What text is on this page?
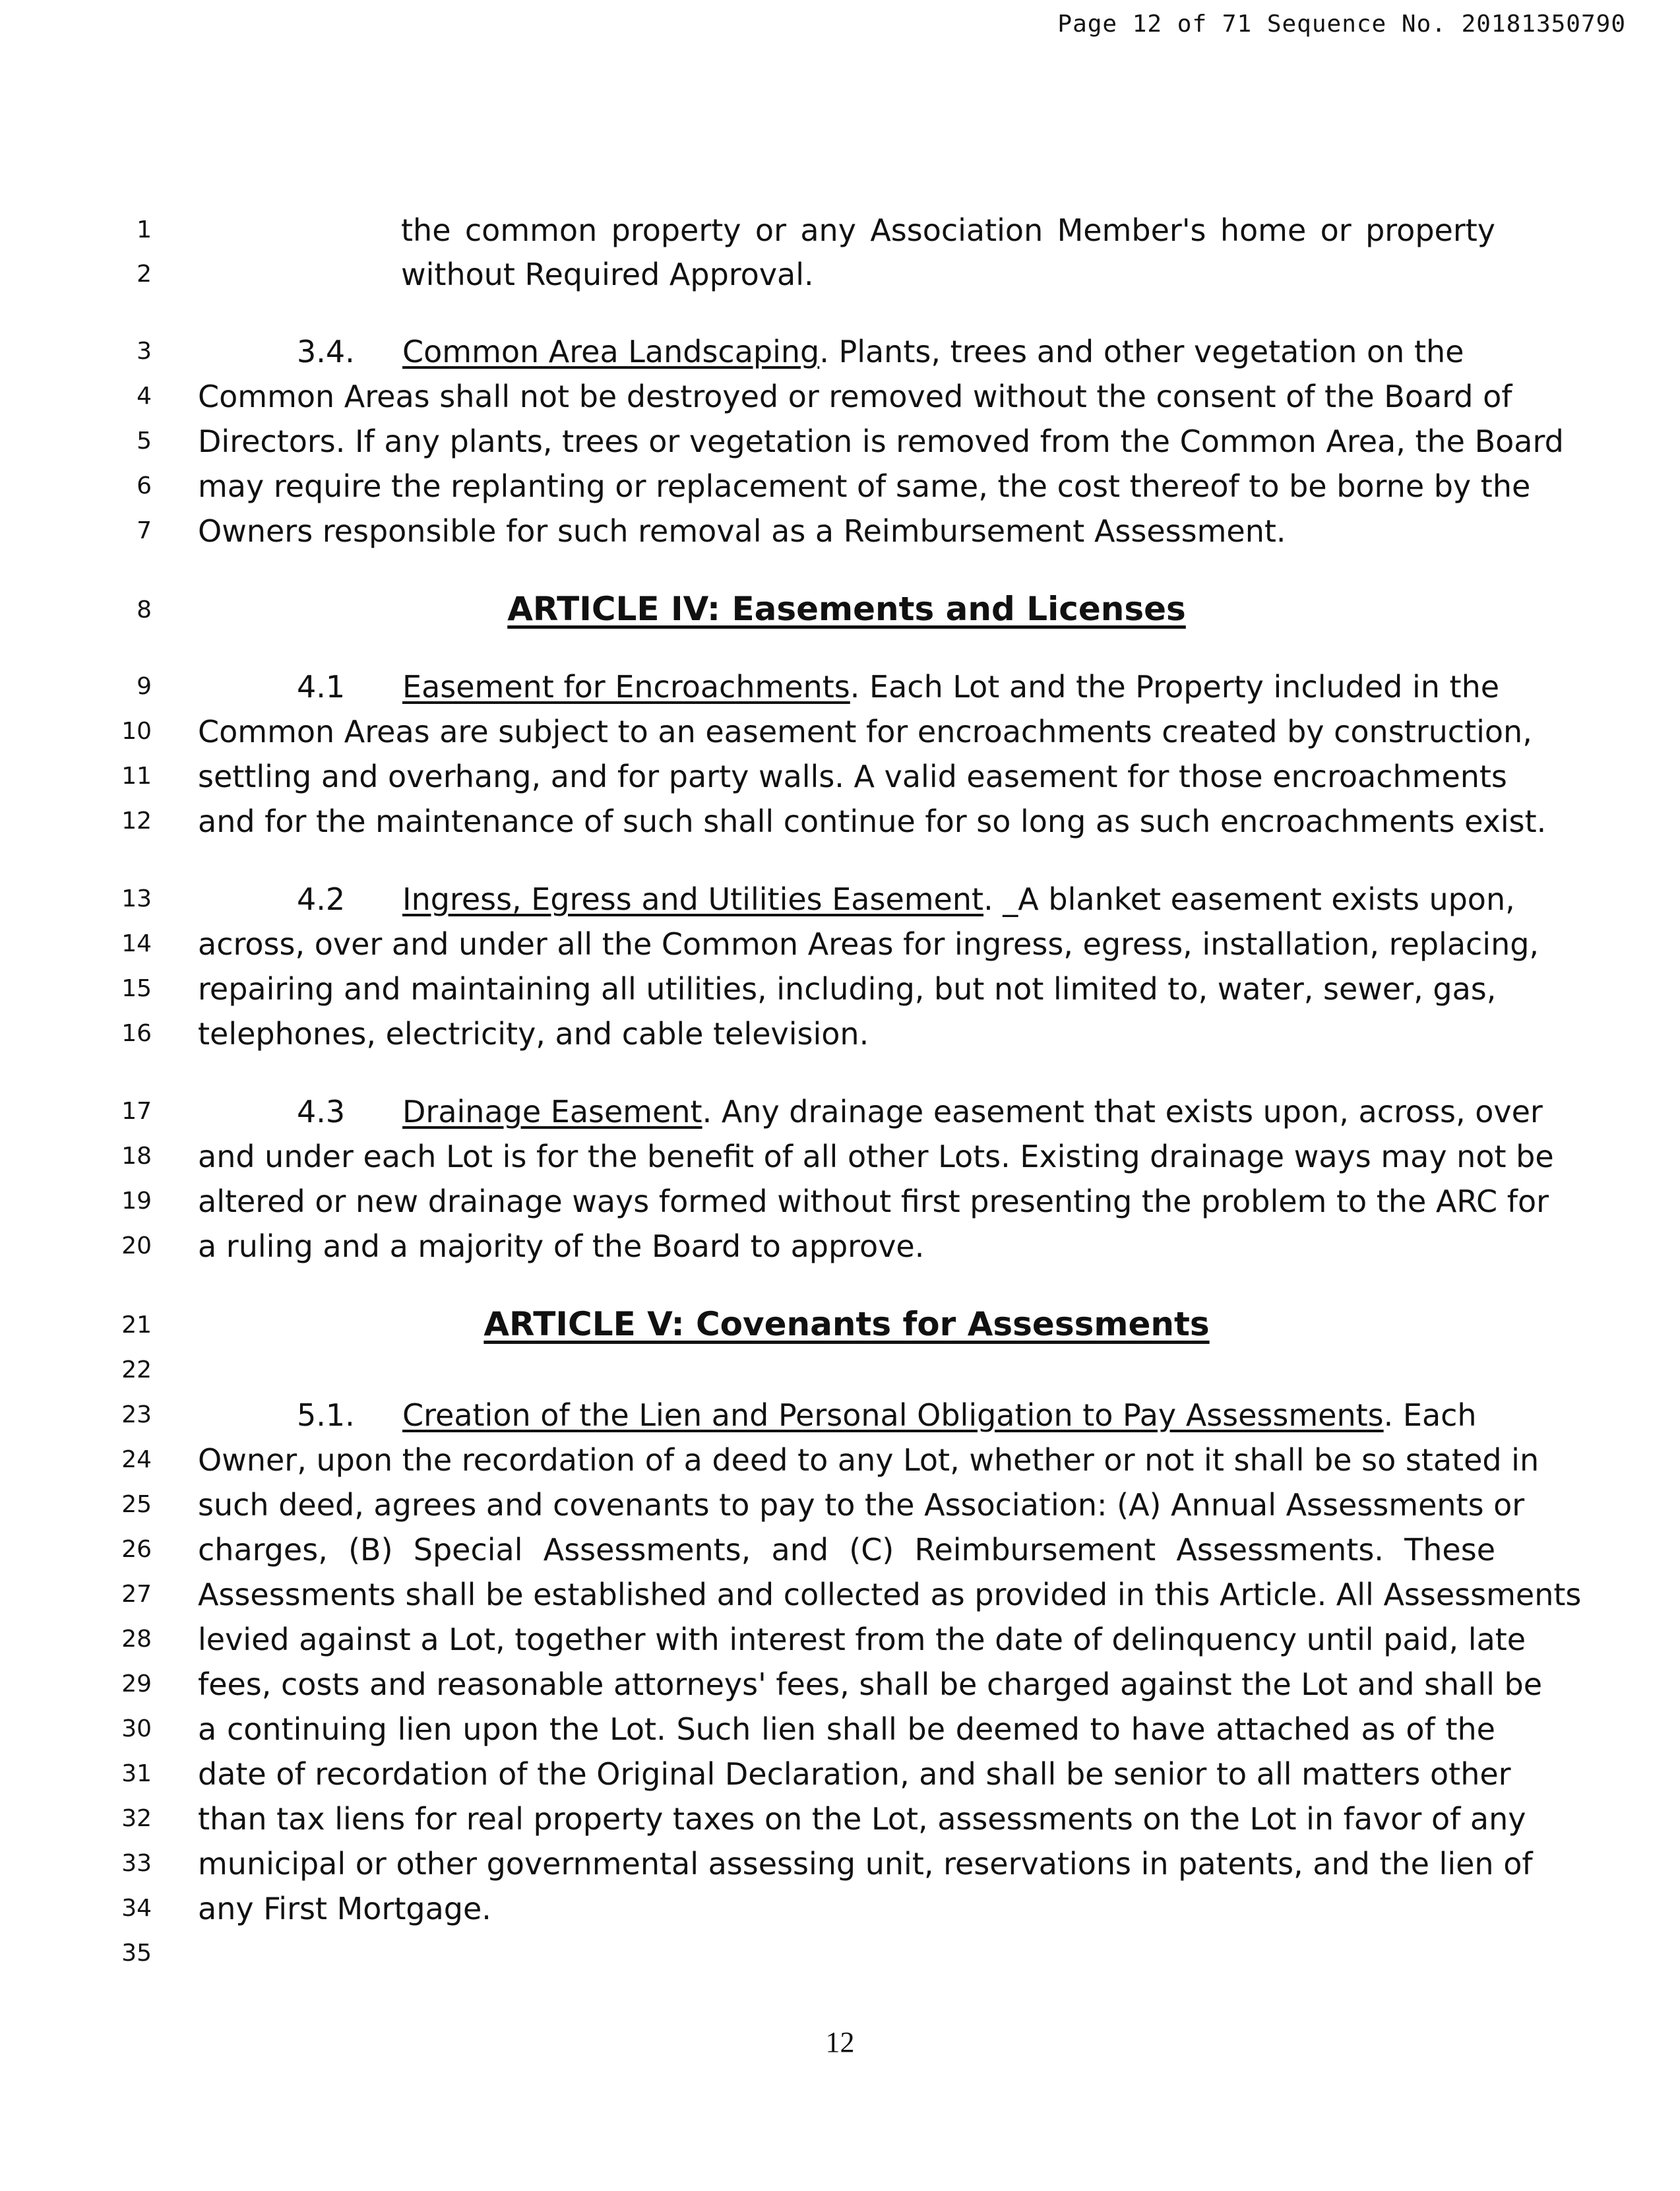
Page 12 of 71 Sequence No. 20181350790
1	the common property or any Association Member's home or property
2	without Required Approval.
3	3.4. Common Area Landscaping. Plants, trees and other vegetation on the
4 Common Areas shall not be destroyed or removed without the consent of the Board of
5 Directors. If any plants, trees or vegetation is removed from the Common Area, the Board
6 may require the replanting or replacement of same, the cost thereof to be borne by the
7 Owners responsible for such removal as a Reimbursement Assessment.
8	ARTICLE IV: Easements and Licenses
9	4.1 Easement for Encroachments. Each Lot and the Property included in the
10 Common Areas are subject to an easement for encroachments created by construction,
11 settling and overhang, and for party walls. A valid easement for those encroachments
12 and for the maintenance of such shall continue for so long as such encroachments exist.
13	4.2 Ingress, Egress and Utilities Easement. _A blanket easement exists upon,
14 across, over and under all the Common Areas for ingress, egress, installation, replacing,
15 repairing and maintaining all utilities, including, but not limited to, water, sewer, gas,
16 telephones, electricity, and cable television.
17	4.3 Drainage Easement. Any drainage easement that exists upon, across, over
18 and under each Lot is for the benefit of all other Lots. Existing drainage ways may not be
19 altered or new drainage ways formed without first presenting the problem to the ARC for
20 a ruling and a majority of the Board to approve.
21	ARTICLE V: Covenants for Assessments
22
23	5.1. Creation of the Lien and Personal Obligation to Pay Assessments. Each
24 Owner, upon the recordation of a deed to any Lot, whether or not it shall be so stated in
25 such deed, agrees and covenants to pay to the Association: (A) Annual Assessments or
26 charges, (B) Special Assessments, and (C) Reimbursement Assessments. These
27 Assessments shall be established and collected as provided in this Article. All Assessments
28 levied against a Lot, together with interest from the date of delinquency until paid, late
29 fees, costs and reasonable attorneys' fees, shall be charged against the Lot and shall be
30 a continuing lien upon the Lot. Such lien shall be deemed to have attached as of the
31 date of recordation of the Original Declaration, and shall be senior to all matters other
32 than tax liens for real property taxes on the Lot, assessments on the Lot in favor of any
33 municipal or other governmental assessing unit, reservations in patents, and the lien of
34 any First Mortgage.
35
12
